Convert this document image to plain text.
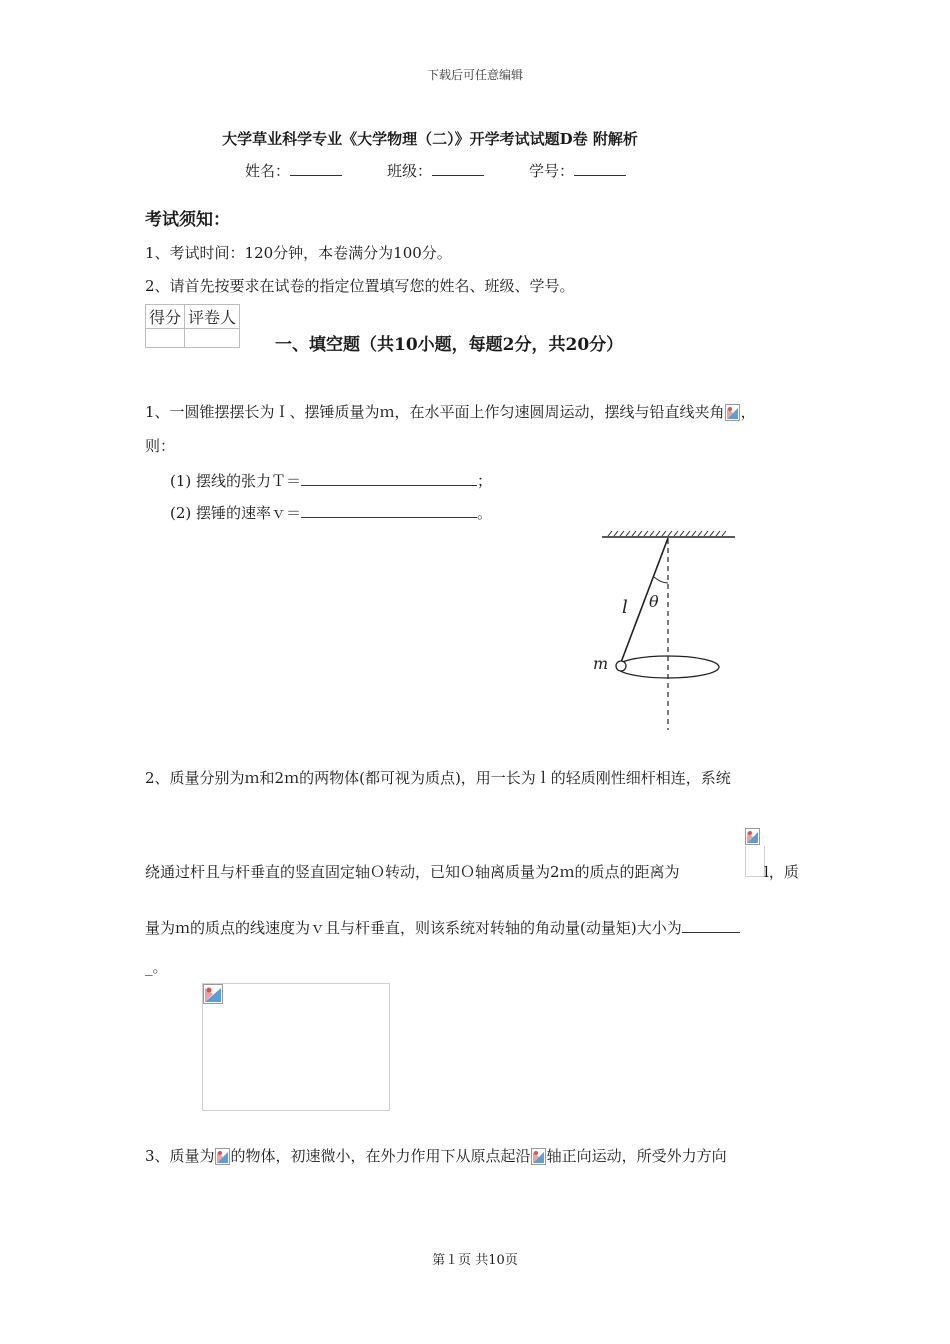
下载后可任意编辑
大学草业科学专业《大学物理（二）》开学考试试题D卷 附解析
姓名：	班级：	学号：
考试须知：
1、考试时间：120分钟，本卷满分为100分。
2、请首先按要求在试卷的指定位置填写您的姓名、班级、学号。
得分	评卷人

一、填空题（共10小题，每题2分，共20分）
1、一圆锥摆摆长为Ｉ、摆锤质量为ｍ，在水平面上作匀速圆周运动，摆线与铅直线夹角 ，
则：
(1) 摆线的张力Ｔ＝	；
(2) 摆锤的速率ｖ＝	。
l θ
m
2、质量分别为ｍ和2ｍ的两物体(都可视为质点)，用一长为ｌ的轻质刚性细杆相连，系统
绕通过杆且与杆垂直的竖直固定轴Ｏ转动，已知Ｏ轴离质量为2ｍ的质点的距离为	l，质
量为ｍ的质点的线速度为ｖ且与杆垂直，则该系统对转轴的角动量(动量矩)大小为
_。
3、质量为 的物体，初速微小，在外力作用下从原点起沿 轴正向运动，所受外力方向
第１页 共10页
